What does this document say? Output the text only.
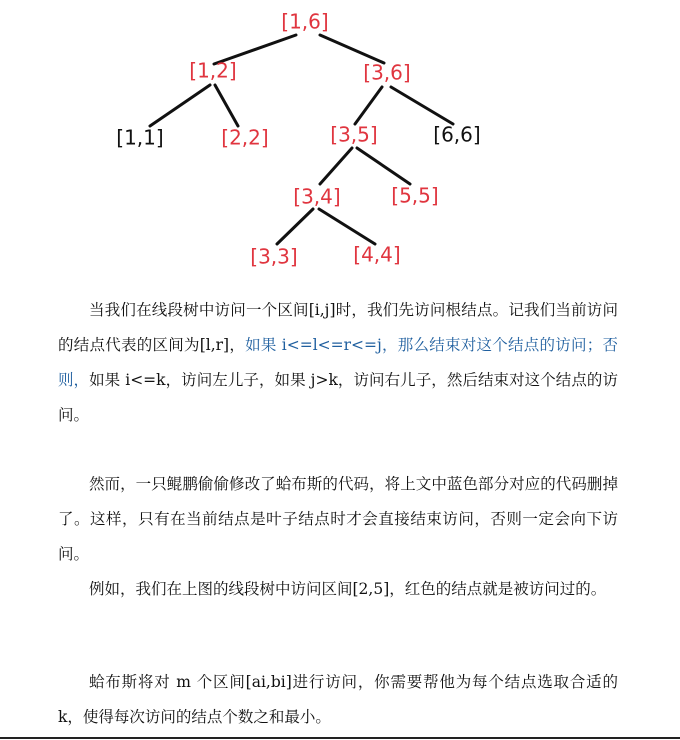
[1,6]
[1,2]	[3,6]
[1,1]	[2,2]	[3,5]	[6,6]
[3,4]	[5,5]
[3,3]	[4,4]

当我们在线段树中访问一个区间[i,j]时，我们先访问根结点。记我们当前访问的结点代表的区间为[l,r]，如果 i<=l<=r<=j，那么结束对这个结点的访问；否则，如果 i<=k，访问左儿子，如果 j>k，访问右儿子，然后结束对这个结点的访问。

然而，一只鲲鹏偷偷修改了蛤布斯的代码，将上文中蓝色部分对应的代码删掉了。这样，只有在当前结点是叶子结点时才会直接结束访问，否则一定会向下访问。

例如，我们在上图的线段树中访问区间[2,5]，红色的结点就是被访问过的。

蛤布斯将对 m 个区间[ai,bi]进行访问，你需要帮他为每个结点选取合适的 k，使得每次访问的结点个数之和最小。
